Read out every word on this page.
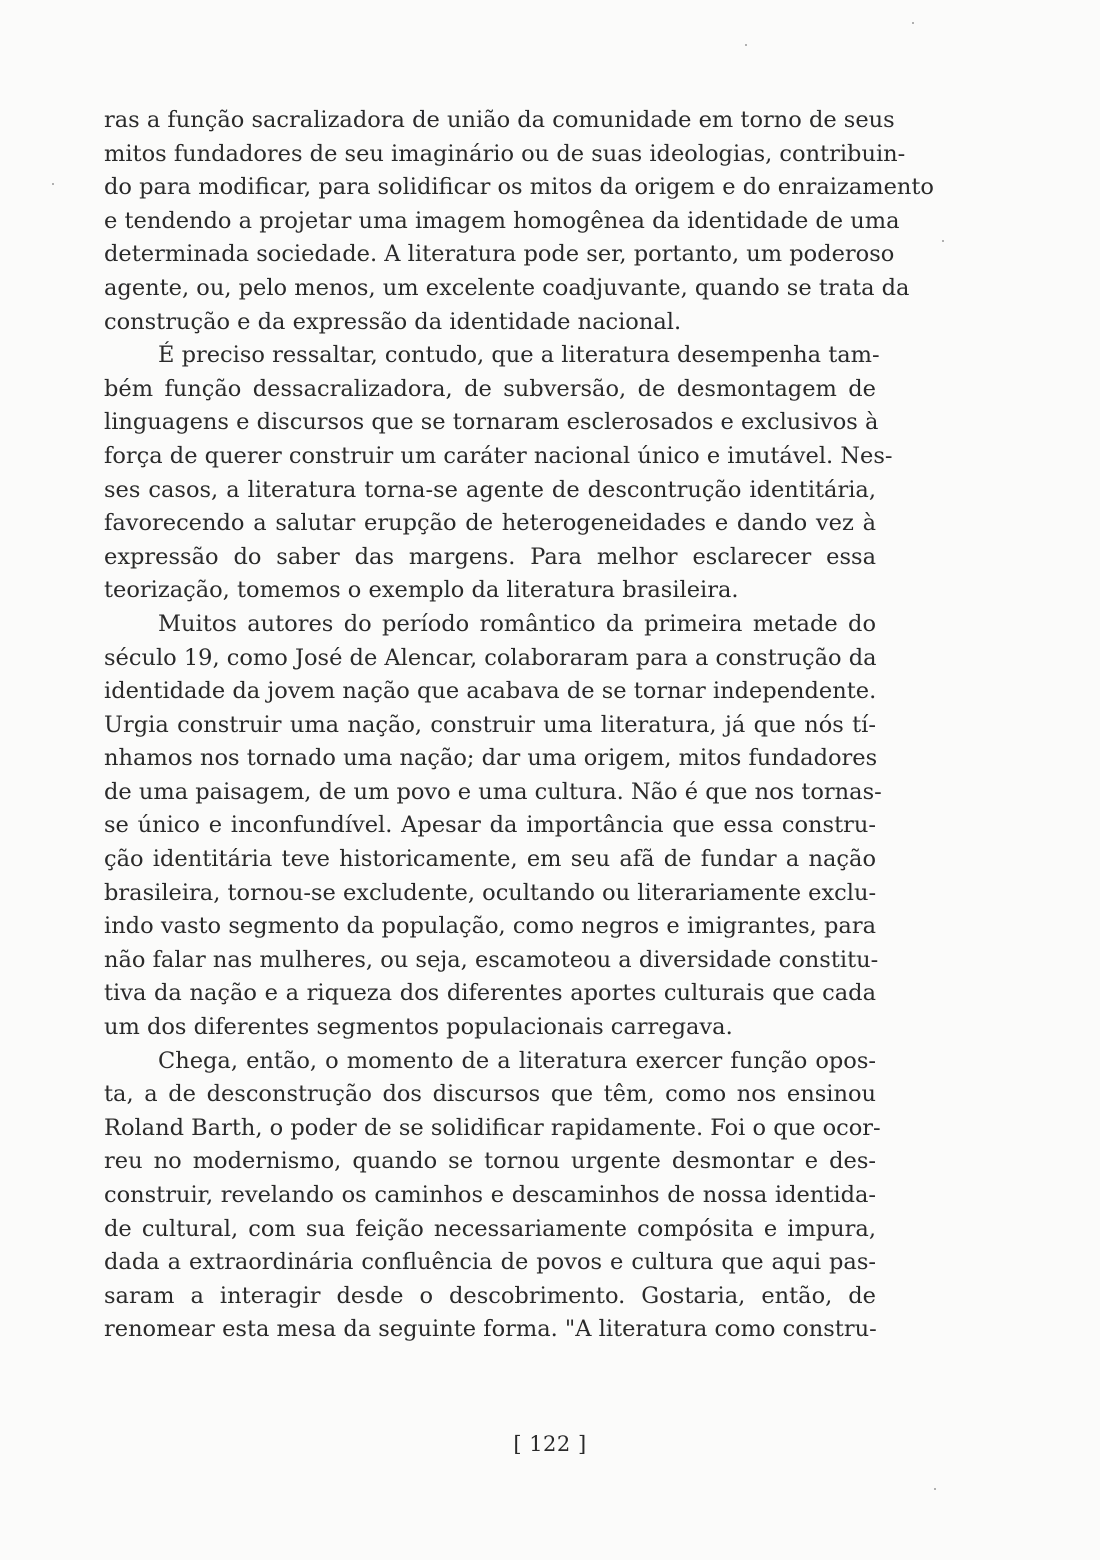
ras a função sacralizadora de união da comunidade em torno de seus
mitos fundadores de seu imaginário ou de suas ideologias, contribuin-
do para modificar, para solidificar os mitos da origem e do enraizamento
e tendendo a projetar uma imagem homogênea da identidade de uma
determinada sociedade. A literatura pode ser, portanto, um poderoso
agente, ou, pelo menos, um excelente coadjuvante, quando se trata da
construção e da expressão da identidade nacional.
É preciso ressaltar, contudo, que a literatura desempenha tam-
bém função dessacralizadora, de subversão, de desmontagem de
linguagens e discursos que se tornaram esclerosados e exclusivos à
força de querer construir um caráter nacional único e imutável. Nes-
ses casos, a literatura torna-se agente de descontrução identitária,
favorecendo a salutar erupção de heterogeneidades e dando vez à
expressão do saber das margens. Para melhor esclarecer essa
teorização, tomemos o exemplo da literatura brasileira.
Muitos autores do período romântico da primeira metade do
século 19, como José de Alencar, colaboraram para a construção da
identidade da jovem nação que acabava de se tornar independente.
Urgia construir uma nação, construir uma literatura, já que nós tí-
nhamos nos tornado uma nação; dar uma origem, mitos fundadores
de uma paisagem, de um povo e uma cultura. Não é que nos tornas-
se único e inconfundível. Apesar da importância que essa constru-
ção identitária teve historicamente, em seu afã de fundar a nação
brasileira, tornou-se excludente, ocultando ou literariamente exclu-
indo vasto segmento da população, como negros e imigrantes, para
não falar nas mulheres, ou seja, escamoteou a diversidade constitu-
tiva da nação e a riqueza dos diferentes aportes culturais que cada
um dos diferentes segmentos populacionais carregava.
Chega, então, o momento de a literatura exercer função opos-
ta, a de desconstrução dos discursos que têm, como nos ensinou
Roland Barth, o poder de se solidificar rapidamente. Foi o que ocor-
reu no modernismo, quando se tornou urgente desmontar e des-
construir, revelando os caminhos e descaminhos de nossa identida-
de cultural, com sua feição necessariamente compósita e impura,
dada a extraordinária confluência de povos e cultura que aqui pas-
saram a interagir desde o descobrimento. Gostaria, então, de
renomear esta mesa da seguinte forma. "A literatura como constru-
[ 122 ]
